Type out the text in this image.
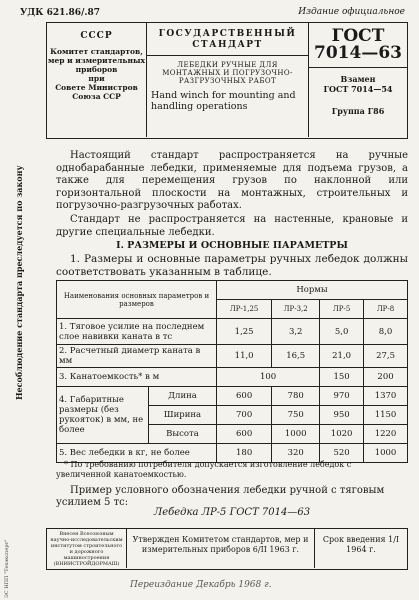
УДК 621.86/.87	Издание официальное
СССР
Комитет стандартов, мер и измерительных приборов
при
Совете Министров Союза ССР
ГОСУДАРСТВЕННЫЙ СТАНДАРТ
ЛЕБЕДКИ РУЧНЫЕ ДЛЯ МОНТАЖНЫХ И ПОГРУЗОЧНО-РАЗГРУЗОЧНЫХ РАБОТ
Hand winch for mounting and handling operations
ГОСТ 7014—63
Взамен
ГОСТ 7014—54
Группа Г86
Несоблюдение стандарта преследуется по закону
Настоящий стандарт распространяется на ручные однобарабанные лебедки, применяемые для подъема грузов, а также для перемещения грузов по наклонной или горизонтальной плоскости на монтажных, строительных и погрузочно-разгрузочных работах.
Стандарт не распространяется на настенные, крановые и другие специальные лебедки.
I. РАЗМЕРЫ И ОСНОВНЫЕ ПАРАМЕТРЫ
1. Размеры и основные параметры ручных лебедок должны соответствовать указанным в таблице.
Наименования основных параметров и размеров		Нормы			
		ЛР-1,25	ЛР-3,2	ЛР-5	ЛР-8
1. Тяговое усилие на последнем слое навивки каната в тс		1,25	3,2	5,0	8,0
2. Расчетный диаметр каната в мм		11,0	16,5	21,0	27,5
3. Канатоемкость* в м		100		150	200
4. Габаритные размеры (без рукояток) в мм, не более	Длина	600	780	970	1370
	Ширина	700	750	950	1150
	Высота	600	1000	1020	1220
5. Вес лебедки в кг, не более		180	320	520	1000
* По требованию потребителя допускается изготовление лебедок с увеличенной канатоемкостью.
Пример условного обозначения лебедки ручной с тяговым усилием 5 тс:
Лебедка ЛР-5 ГОСТ 7014—63
Внесен Всесоюзным научно-исследовательским институтом строительного и дорожного машиностроения (ВНИИСТРОЙДОРМАШ)
Утвержден Комитетом стандартов, мер и измерительных приборов 6/II 1963 г.
Срок введения 1/I 1964 г.
Переиздание Декабрь 1968 г.
ЭС НПП "Техэксперт"
